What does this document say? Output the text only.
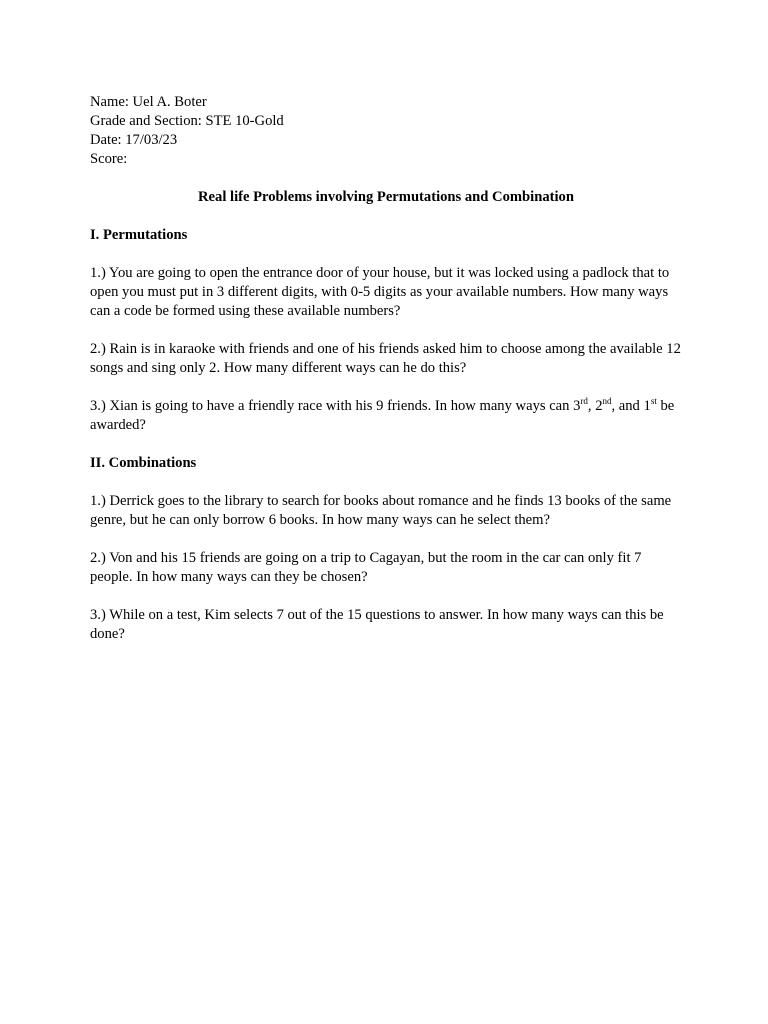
Name: Uel A. Boter

Grade and Section: STE 10-Gold

Date: 17/03/23

Score:

Real life Problems involving Permutations and Combination

I. Permutations

1.) You are going to open the entrance door of your house, but it was locked using a padlock that to open you must put in 3 different digits, with 0-5 digits as your available numbers. How many ways can a code be formed using these available numbers?

2.) Rain is in karaoke with friends and one of his friends asked him to choose among the available 12 songs and sing only 2. How many different ways can he do this?

3.) Xian is going to have a friendly race with his 9 friends. In how many ways can 3rd, 2nd, and 1st be awarded?

II. Combinations

1.) Derrick goes to the library to search for books about romance and he finds 13 books of the same genre, but he can only borrow 6 books. In how many ways can he select them?

2.) Von and his 15 friends are going on a trip to Cagayan, but the room in the car can only fit 7 people. In how many ways can they be chosen?

3.) While on a test, Kim selects 7 out of the 15 questions to answer. In how many ways can this be done?
